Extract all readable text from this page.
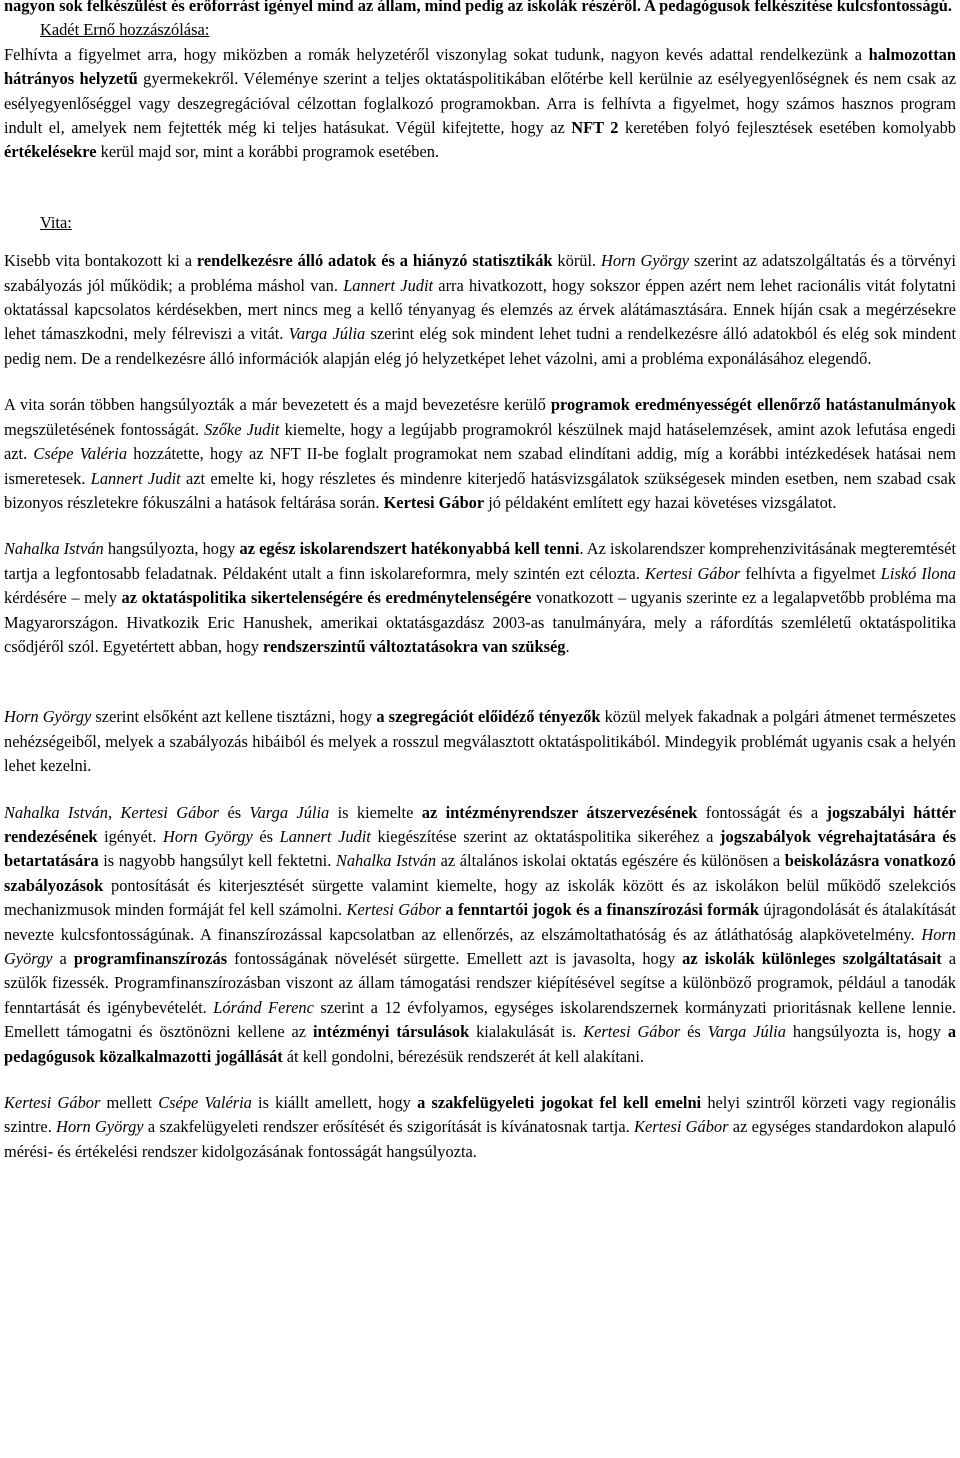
nagyon sok felkészülést és erőforrást igényel mind az állam, mind pedig az iskolák részéről. A pedagógusok felkészítése kulcsfontosságú.

Kadét Ernő hozzászólása:

Felhívta a figyelmet arra, hogy miközben a romák helyzetéről viszonylag sokat tudunk, nagyon kevés adattal rendelkezünk a halmozottan hátrányos helyzetű gyermekekről. Véleménye szerint a teljes oktatáspolitikában előtérbe kell kerülnie az esélyegyenlőségnek és nem csak az esélyegyenlőséggel vagy deszegregációval célzottan foglalkozó programokban. Arra is felhívta a figyelmet, hogy számos hasznos program indult el, amelyek nem fejtették még ki teljes hatásukat. Végül kifejtette, hogy az NFT 2 keretében folyó fejlesztések esetében komolyabb értékelésekre kerül majd sor, mint a korábbi programok esetében.

Vita:

Kisebb vita bontakozott ki a rendelkezésre álló adatok és a hiányzó statisztikák körül. Horn György szerint az adatszolgáltatás és a törvényi szabályozás jól működik; a probléma máshol van. Lannert Judit arra hivatkozott, hogy sokszor éppen azért nem lehet racionális vitát folytatni oktatással kapcsolatos kérdésekben, mert nincs meg a kellő tényanyag és elemzés az érvek alátámasztására. Ennek híján csak a megérzésekre lehet támaszkodni, mely félreviszi a vitát. Varga Júlia szerint elég sok mindent lehet tudni a rendelkezésre álló adatokból és elég sok mindent pedig nem. De a rendelkezésre álló információk alapján elég jó helyzetképet lehet vázolni, ami a probléma exponálásához elegendő.

A vita során többen hangsúlyozták a már bevezetett és a majd bevezetésre kerülő programok eredményességét ellenőrző hatástanulmányok megszületésének fontosságát. Szőke Judit kiemelte, hogy a legújabb programokról készülnek majd hatáselemzések, amint azok lefutása engedi azt. Csépe Valéria hozzátette, hogy az NFT II-be foglalt programokat nem szabad elindítani addig, míg a korábbi intézkedések hatásai nem ismeretesek. Lannert Judit azt emelte ki, hogy részletes és mindenre kiterjedő hatásvizsgálatok szükségesek minden esetben, nem szabad csak bizonyos részletekre fókuszálni a hatások feltárása során. Kertesi Gábor jó példaként említett egy hazai követéses vizsgálatot.

Nahalka István hangsúlyozta, hogy az egész iskolarendszert hatékonyabbá kell tenni. Az iskolarendszer komprehenzivitásának megteremtését tartja a legfontosabb feladatnak. Példaként utalt a finn iskolareformra, mely szintén ezt célozta. Kertesi Gábor felhívta a figyelmet Liskó Ilona kérdésére – mely az oktatáspolitika sikertelenségére és eredménytelenségére vonatkozott – ugyanis szerinte ez a legalapvetőbb probléma ma Magyarországon. Hivatkozik Eric Hanushek, amerikai oktatásgazdász 2003-as tanulmányára, mely a ráfordítás szemléletű oktatáspolitika csődjéről szól. Egyetértett abban, hogy rendszerszintű változtatásokra van szükség.

Horn György szerint elsőként azt kellene tisztázni, hogy a szegregációt előidéző tényezők közül melyek fakadnak a polgári átmenet természetes nehézségeiből, melyek a szabályozás hibáiból és melyek a rosszul megválasztott oktatáspolitikából. Mindegyik problémát ugyanis csak a helyén lehet kezelni.

Nahalka István, Kertesi Gábor és Varga Júlia is kiemelte az intézményrendszer átszervezésének fontosságát és a jogszabályi háttér rendezésének igényét. Horn György és Lannert Judit kiegészítése szerint az oktatáspolitika sikeréhez a jogszabályok végrehajtatására és betartatására is nagyobb hangsúlyt kell fektetni. Nahalka István az általános iskolai oktatás egészére és különösen a beiskolázásra vonatkozó szabályozások pontosítását és kiterjesztését sürgette valamint kiemelte, hogy az iskolák között és az iskolákon belül működő szelekciós mechanizmusok minden formáját fel kell számolni. Kertesi Gábor a fenntartói jogok és a finanszírozási formák újragondolását és átalakítását nevezte kulcsfontosságúnak. A finanszírozással kapcsolatban az ellenőrzés, az elszámoltathatóság és az átláthatóság alapkövetelmény. Horn György a programfinanszírozás fontosságának növelését sürgette. Emellett azt is javasolta, hogy az iskolák különleges szolgáltatásait a szülők fizessék. Programfinanszírozásban viszont az állam támogatási rendszer kiépítésével segítse a különböző programok, például a tanodák fenntartását és igénybevételét. Lóránd Ferenc szerint a 12 évfolyamos, egységes iskolarendszernek kormányzati prioritásnak kellene lennie. Emellett támogatni és ösztönözni kellene az intézményi társulások kialakulását is. Kertesi Gábor és Varga Júlia hangsúlyozta is, hogy a pedagógusok közalkalmazotti jogállását át kell gondolni, bérezésük rendszerét át kell alakítani.

Kertesi Gábor mellett Csépe Valéria is kiállt amellett, hogy a szakfelügyeleti jogokat fel kell emelni helyi szintről körzeti vagy regionális szintre. Horn György a szakfelügyeleti rendszer erősítését és szigorítását is kívánatosnak tartja. Kertesi Gábor az egységes standardokon alapuló mérési- és értékelési rendszer kidolgozásának fontosságát hangsúlyozta.
